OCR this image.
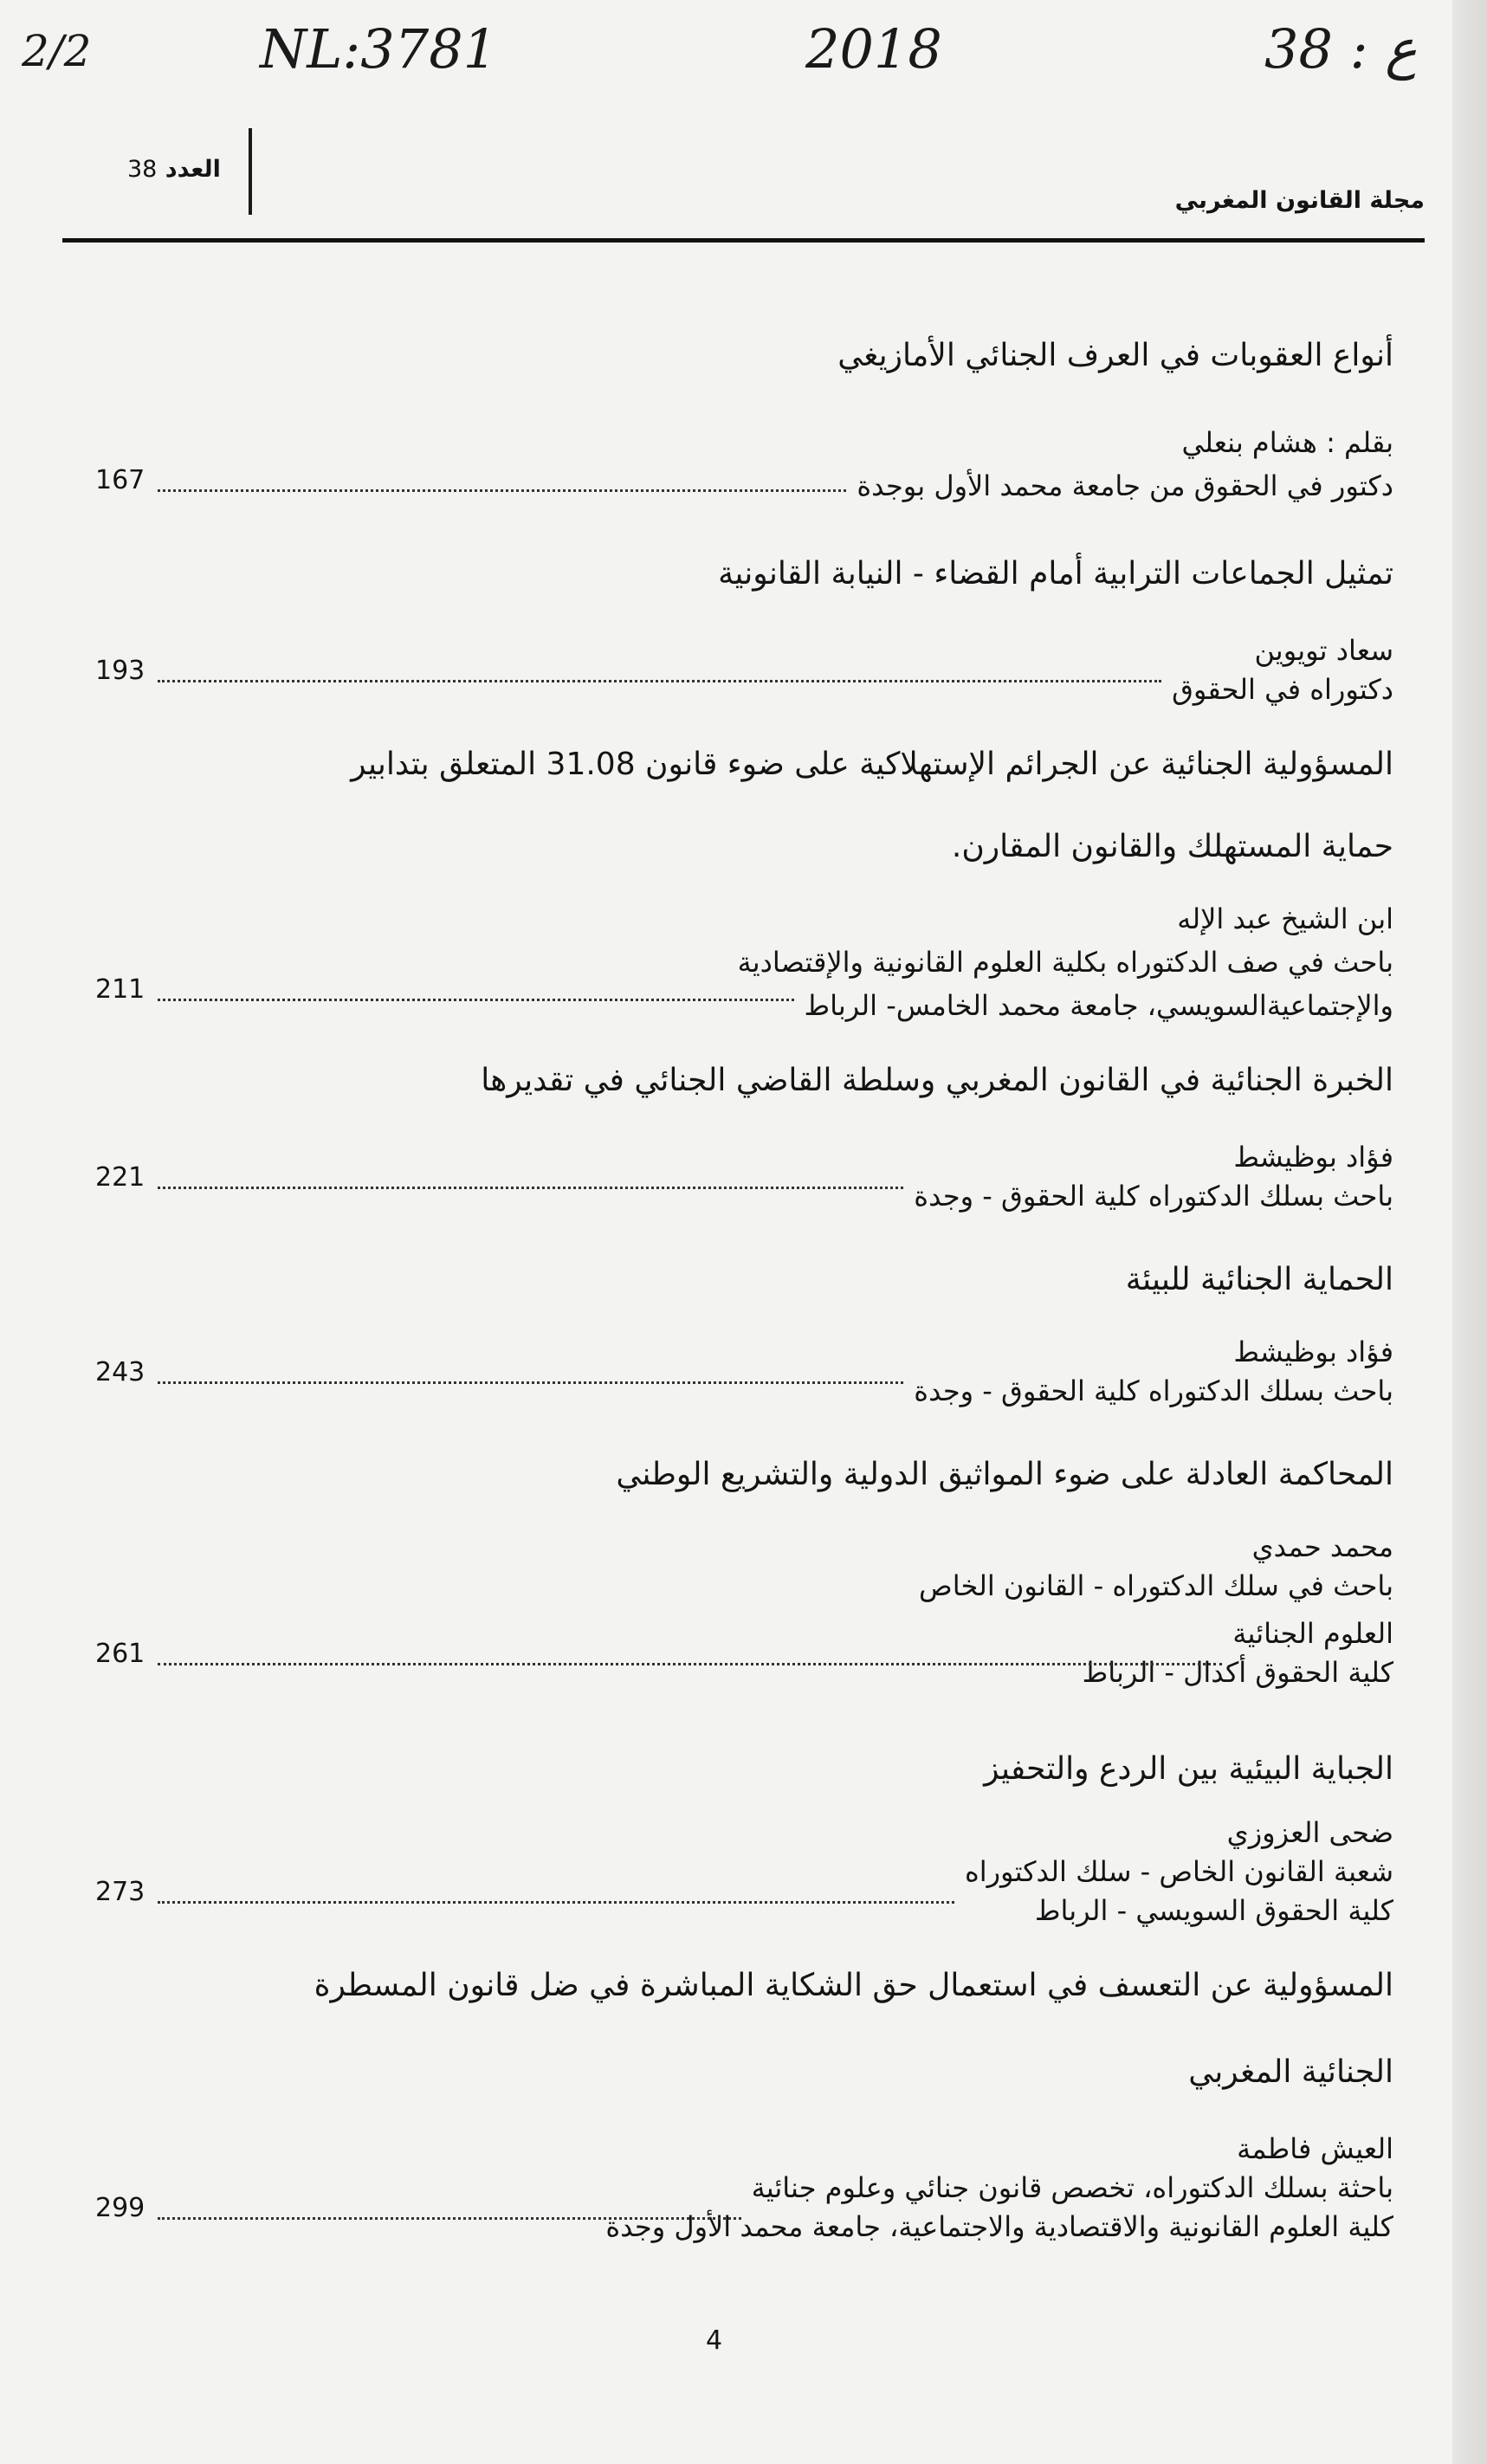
2/2	NL:3781	2018	38 : ع
العدد 38
مجلة القانون المغربي
أنواع العقوبات في العرف الجنائي الأمازيغي
بقلم : هشام بنعلي
دكتور في الحقوق من جامعة محمد الأول بوجدة
167
تمثيل الجماعات الترابية أمام القضاء - النيابة القانونية
سعاد تويوين
دكتوراه في الحقوق
193
المسؤولية الجنائية عن الجرائم الإستهلاكية على ضوء قانون 31.08 المتعلق بتدابير
حماية المستهلك والقانون المقارن.
ابن الشيخ عبد الإله
باحث في صف الدكتوراه بكلية العلوم القانونية والإقتصادية
والإجتماعيةالسويسي، جامعة محمد الخامس- الرباط
211
الخبرة الجنائية في القانون المغربي وسلطة القاضي الجنائي في تقديرها
فؤاد بوظيشط
باحث بسلك الدكتوراه كلية الحقوق - وجدة
221
الحماية الجنائية للبيئة
فؤاد بوظيشط
باحث بسلك الدكتوراه كلية الحقوق - وجدة
243
المحاكمة العادلة على ضوء المواثيق الدولية والتشريع الوطني
محمد حمدي
باحث في سلك الدكتوراه - القانون الخاص
العلوم الجنائية
كلية الحقوق أكدال - الرباط
261
الجباية البيئية بين الردع والتحفيز
ضحى العزوزي
شعبة القانون الخاص - سلك الدكتوراه
كلية الحقوق السويسي - الرباط
273
المسؤولية عن التعسف في استعمال حق الشكاية المباشرة في ضل قانون المسطرة
الجنائية المغربي
العيش فاطمة
باحثة بسلك الدكتوراه، تخصص قانون جنائي وعلوم جنائية
كلية العلوم القانونية والاقتصادية والاجتماعية، جامعة محمد الأول وجدة
299
4
